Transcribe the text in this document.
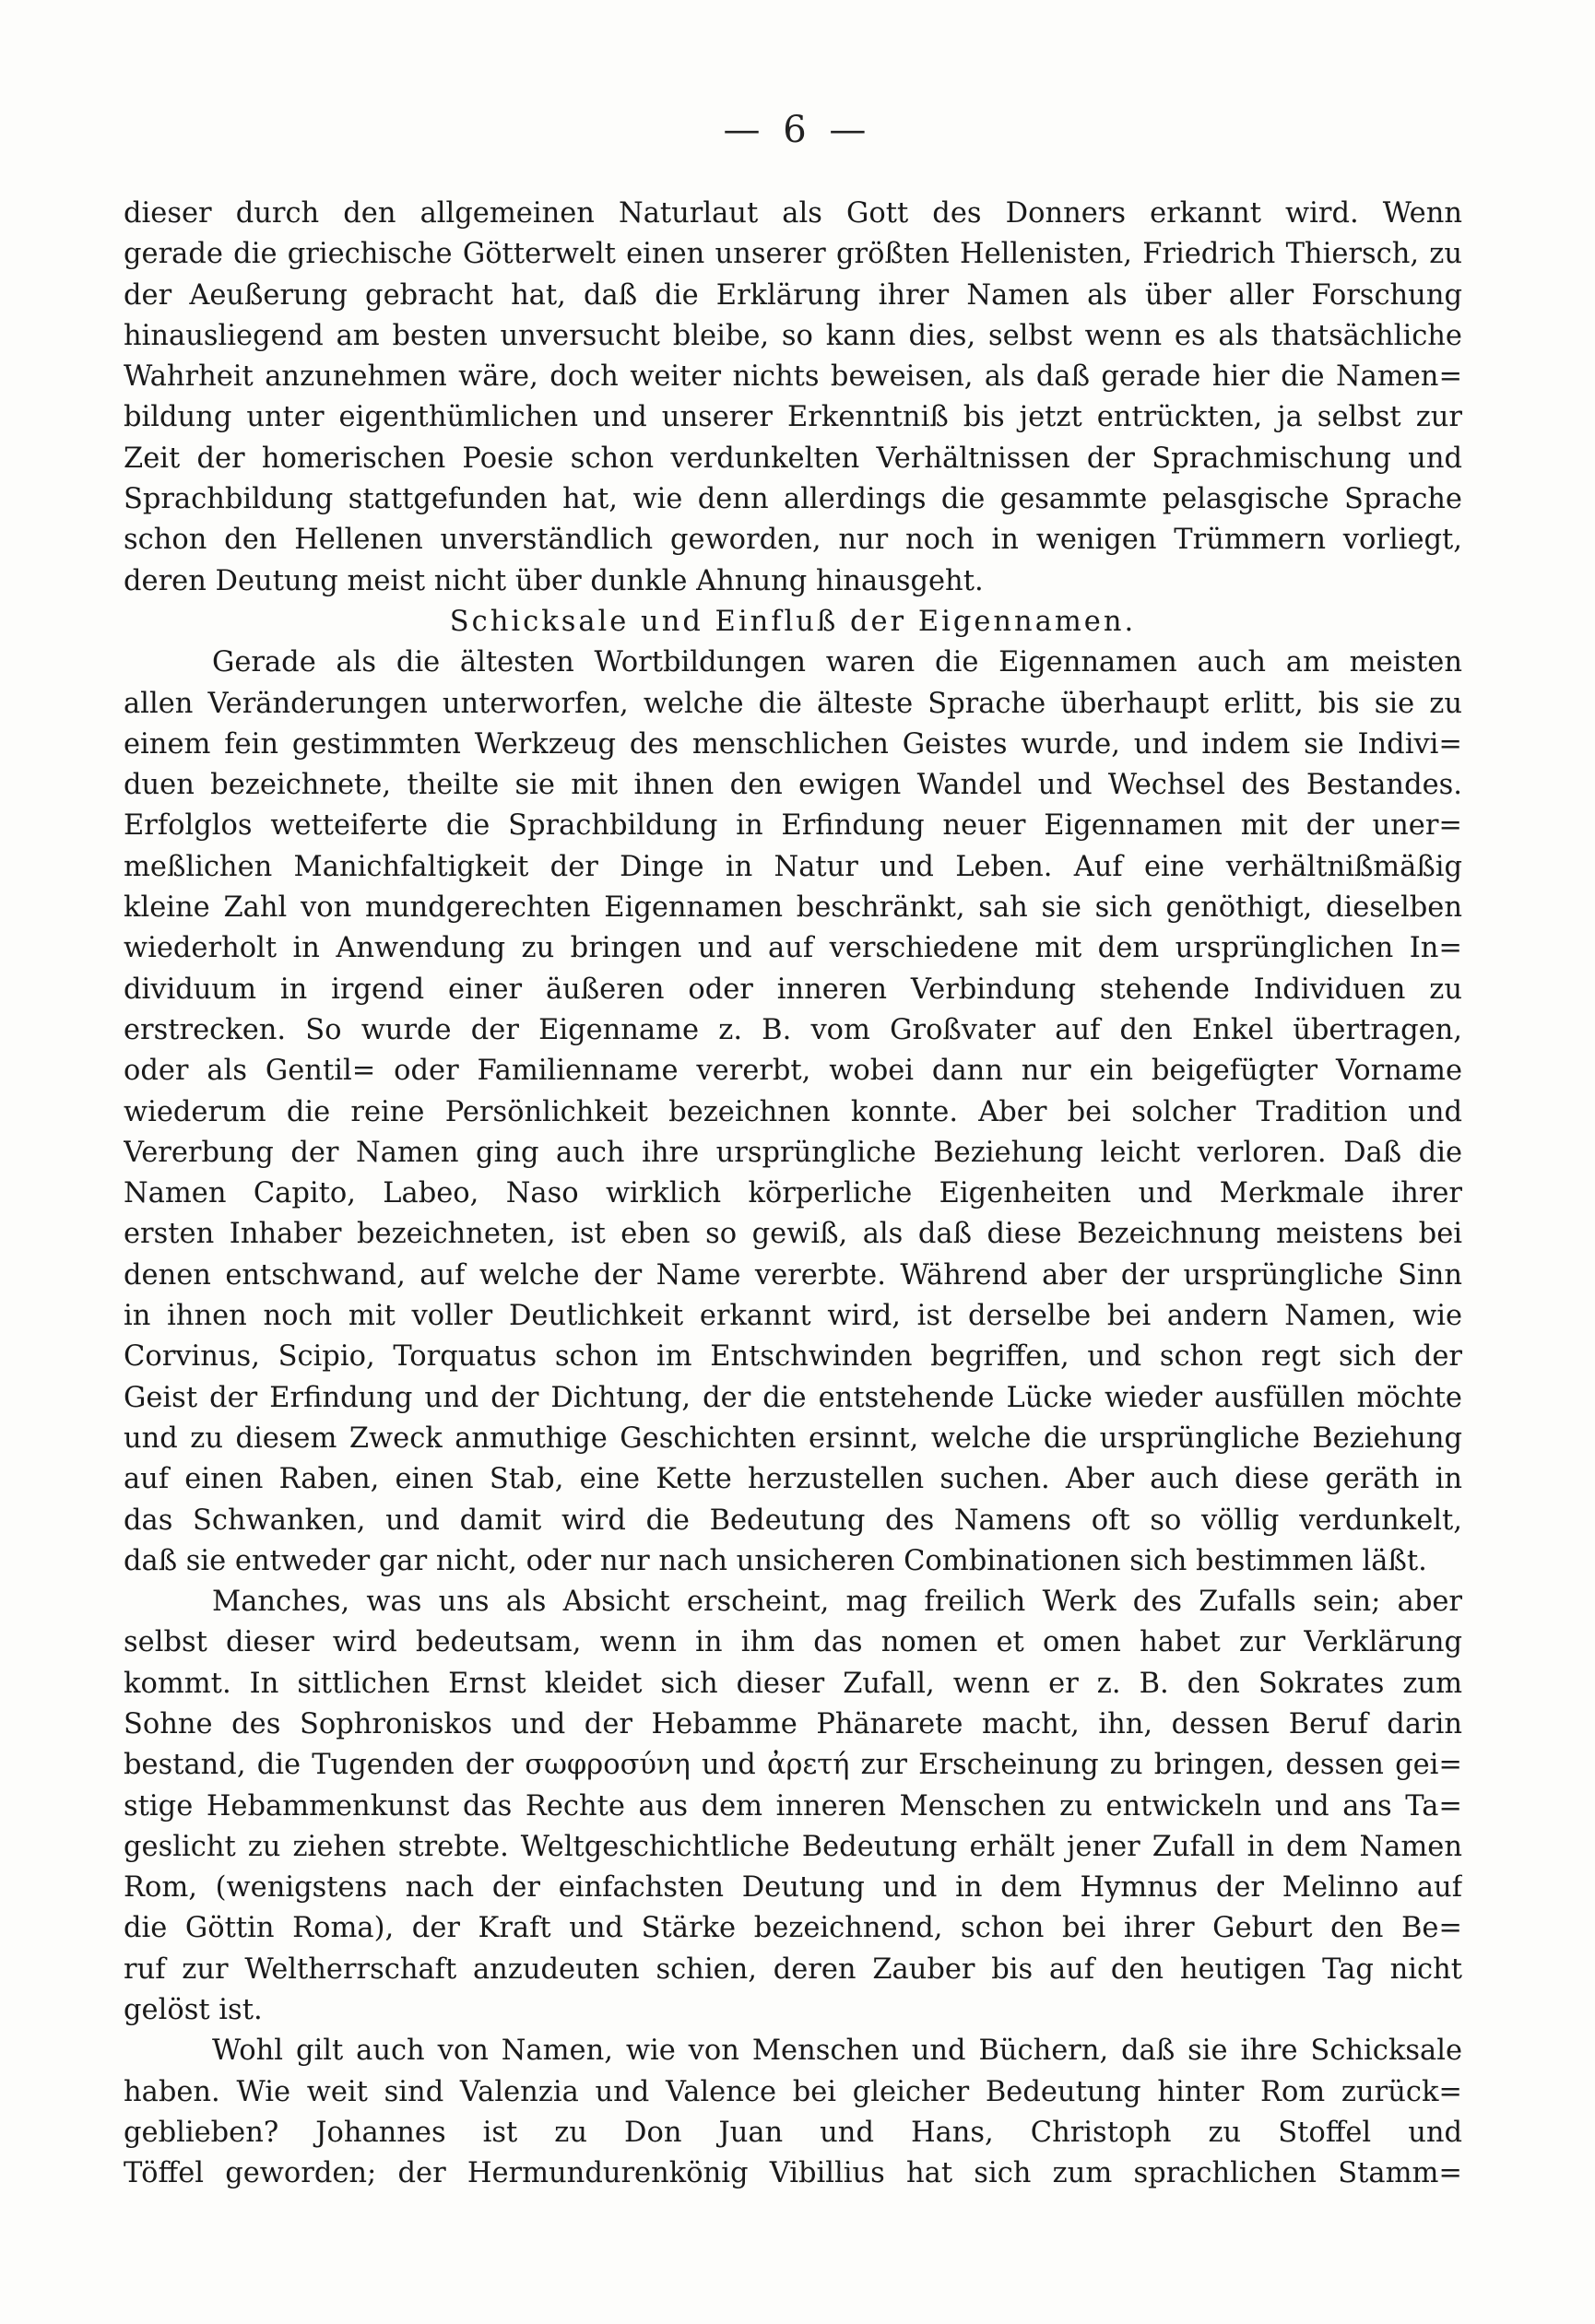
— 6 —
dieser durch den allgemeinen Naturlaut als Gott des Donners erkannt wird. Wenn
gerade die griechische Götterwelt einen unserer größten Hellenisten, Friedrich Thiersch, zu
der Aeußerung gebracht hat, daß die Erklärung ihrer Namen als über aller Forschung
hinausliegend am besten unversucht bleibe, so kann dies, selbst wenn es als thatsächliche
Wahrheit anzunehmen wäre, doch weiter nichts beweisen, als daß gerade hier die Namen=
bildung unter eigenthümlichen und unserer Erkenntniß bis jetzt entrückten, ja selbst zur
Zeit der homerischen Poesie schon verdunkelten Verhältnissen der Sprachmischung und
Sprachbildung stattgefunden hat, wie denn allerdings die gesammte pelasgische Sprache
schon den Hellenen unverständlich geworden, nur noch in wenigen Trümmern vorliegt,
deren Deutung meist nicht über dunkle Ahnung hinausgeht.
Schicksale und Einfluß der Eigennamen.
Gerade als die ältesten Wortbildungen waren die Eigennamen auch am meisten
allen Veränderungen unterworfen, welche die älteste Sprache überhaupt erlitt, bis sie zu
einem fein gestimmten Werkzeug des menschlichen Geistes wurde, und indem sie Indivi=
duen bezeichnete, theilte sie mit ihnen den ewigen Wandel und Wechsel des Bestandes.
Erfolglos wetteiferte die Sprachbildung in Erfindung neuer Eigennamen mit der uner=
meßlichen Manichfaltigkeit der Dinge in Natur und Leben. Auf eine verhältnißmäßig
kleine Zahl von mundgerechten Eigennamen beschränkt, sah sie sich genöthigt, dieselben
wiederholt in Anwendung zu bringen und auf verschiedene mit dem ursprünglichen In=
dividuum in irgend einer äußeren oder inneren Verbindung stehende Individuen zu
erstrecken. So wurde der Eigenname z. B. vom Großvater auf den Enkel übertragen,
oder als Gentil= oder Familienname vererbt, wobei dann nur ein beigefügter Vorname
wiederum die reine Persönlichkeit bezeichnen konnte. Aber bei solcher Tradition und
Vererbung der Namen ging auch ihre ursprüngliche Beziehung leicht verloren. Daß die
Namen Capito, Labeo, Naso wirklich körperliche Eigenheiten und Merkmale ihrer
ersten Inhaber bezeichneten, ist eben so gewiß, als daß diese Bezeichnung meistens bei
denen entschwand, auf welche der Name vererbte. Während aber der ursprüngliche Sinn
in ihnen noch mit voller Deutlichkeit erkannt wird, ist derselbe bei andern Namen, wie
Corvinus, Scipio, Torquatus schon im Entschwinden begriffen, und schon regt sich der
Geist der Erfindung und der Dichtung, der die entstehende Lücke wieder ausfüllen möchte
und zu diesem Zweck anmuthige Geschichten ersinnt, welche die ursprüngliche Beziehung
auf einen Raben, einen Stab, eine Kette herzustellen suchen. Aber auch diese geräth in
das Schwanken, und damit wird die Bedeutung des Namens oft so völlig verdunkelt,
daß sie entweder gar nicht, oder nur nach unsicheren Combinationen sich bestimmen läßt.
Manches, was uns als Absicht erscheint, mag freilich Werk des Zufalls sein; aber
selbst dieser wird bedeutsam, wenn in ihm das nomen et omen habet zur Verklärung
kommt. In sittlichen Ernst kleidet sich dieser Zufall, wenn er z. B. den Sokrates zum
Sohne des Sophroniskos und der Hebamme Phänarete macht, ihn, dessen Beruf darin
bestand, die Tugenden der σωφροσύνη und ἀρετή zur Erscheinung zu bringen, dessen gei=
stige Hebammenkunst das Rechte aus dem inneren Menschen zu entwickeln und ans Ta=
geslicht zu ziehen strebte. Weltgeschichtliche Bedeutung erhält jener Zufall in dem Namen
Rom, (wenigstens nach der einfachsten Deutung und in dem Hymnus der Melinno auf
die Göttin Roma), der Kraft und Stärke bezeichnend, schon bei ihrer Geburt den Be=
ruf zur Weltherrschaft anzudeuten schien, deren Zauber bis auf den heutigen Tag nicht
gelöst ist.
Wohl gilt auch von Namen, wie von Menschen und Büchern, daß sie ihre Schicksale
haben. Wie weit sind Valenzia und Valence bei gleicher Bedeutung hinter Rom zurück=
geblieben? Johannes ist zu Don Juan und Hans, Christoph zu Stoffel und
Töffel geworden; der Hermundurenkönig Vibillius hat sich zum sprachlichen Stamm=
